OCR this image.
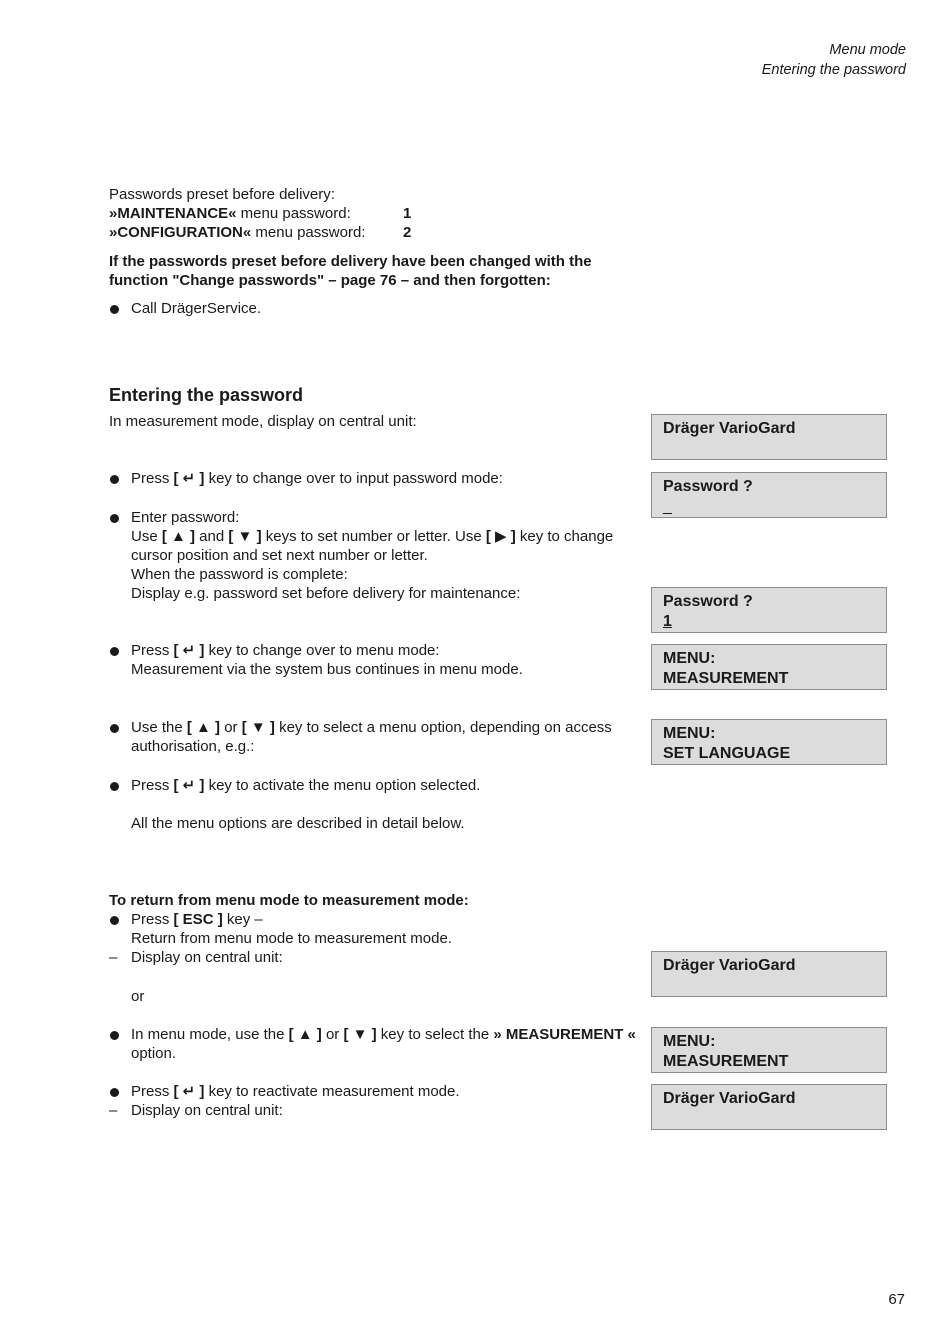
Menu mode
Entering the password
Passwords preset before delivery:
»MAINTENANCE« menu password:	1
»CONFIGURATION« menu password:	2
If the passwords preset before delivery have been changed with the
function "Change passwords" – page 76 – and then forgotten:
Call DrägerService.
Entering the password
In measurement mode, display on central unit:
Press [ ↵ ] key to change over to input password mode:
Enter password:
Use [ ▲ ] and [ ▼ ] keys to set number or letter. Use [ ▶ ] key to change
cursor position and set next number or letter.
When the password is complete:
Display e.g. password set before delivery for maintenance:
Press [ ↵ ] key to change over to menu mode:
Measurement via the system bus continues in menu mode.
Use the [ ▲ ] or [ ▼ ] key to select a menu option, depending on access
authorisation, e.g.:
Press [ ↵ ] key to activate the menu option selected.
All the menu options are described in detail below.
To return from menu mode to measurement mode:
Press [ ESC ] key –
Return from menu mode to measurement mode.
– Display on central unit:
or
In menu mode, use the [ ▲ ] or [ ▼ ] key to select the » MEASUREMENT «
option.
Press [ ↵ ] key to reactivate measurement mode.
– Display on central unit:
Dräger VarioGard
Password ?
_
Password ?
1
MENU:
MEASUREMENT
MENU:
SET LANGUAGE
Dräger VarioGard
MENU:
MEASUREMENT
Dräger VarioGard
67
